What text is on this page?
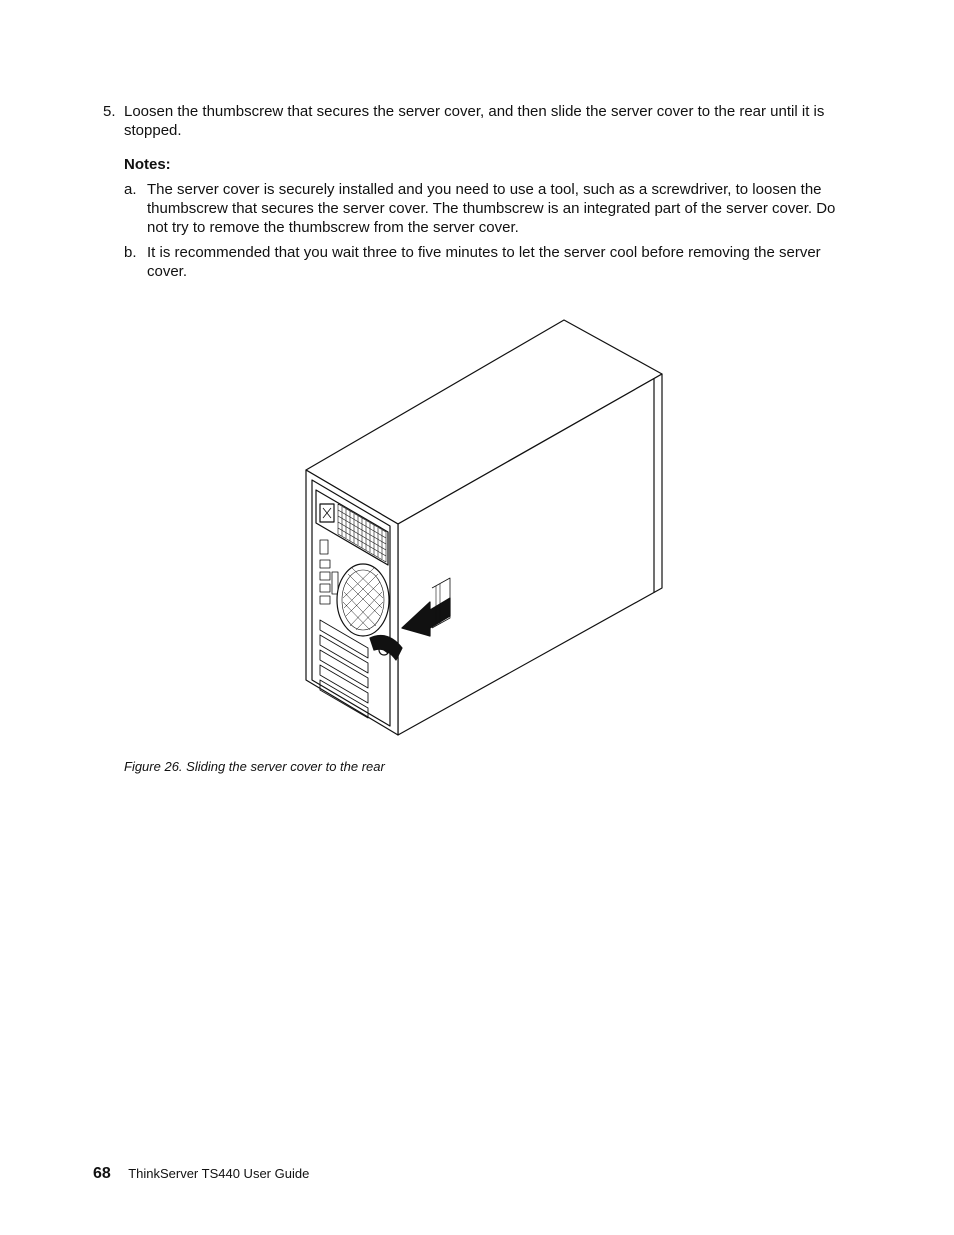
5. Loosen the thumbscrew that secures the server cover, and then slide the server cover to the rear until it is stopped.
Notes:
a. The server cover is securely installed and you need to use a tool, such as a screwdriver, to loosen the thumbscrew that secures the server cover. The thumbscrew is an integrated part of the server cover. Do not try to remove the thumbscrew from the server cover.
b. It is recommended that you wait three to five minutes to let the server cool before removing the server cover.
Figure 26. Sliding the server cover to the rear
68 ThinkServer TS440 User Guide
